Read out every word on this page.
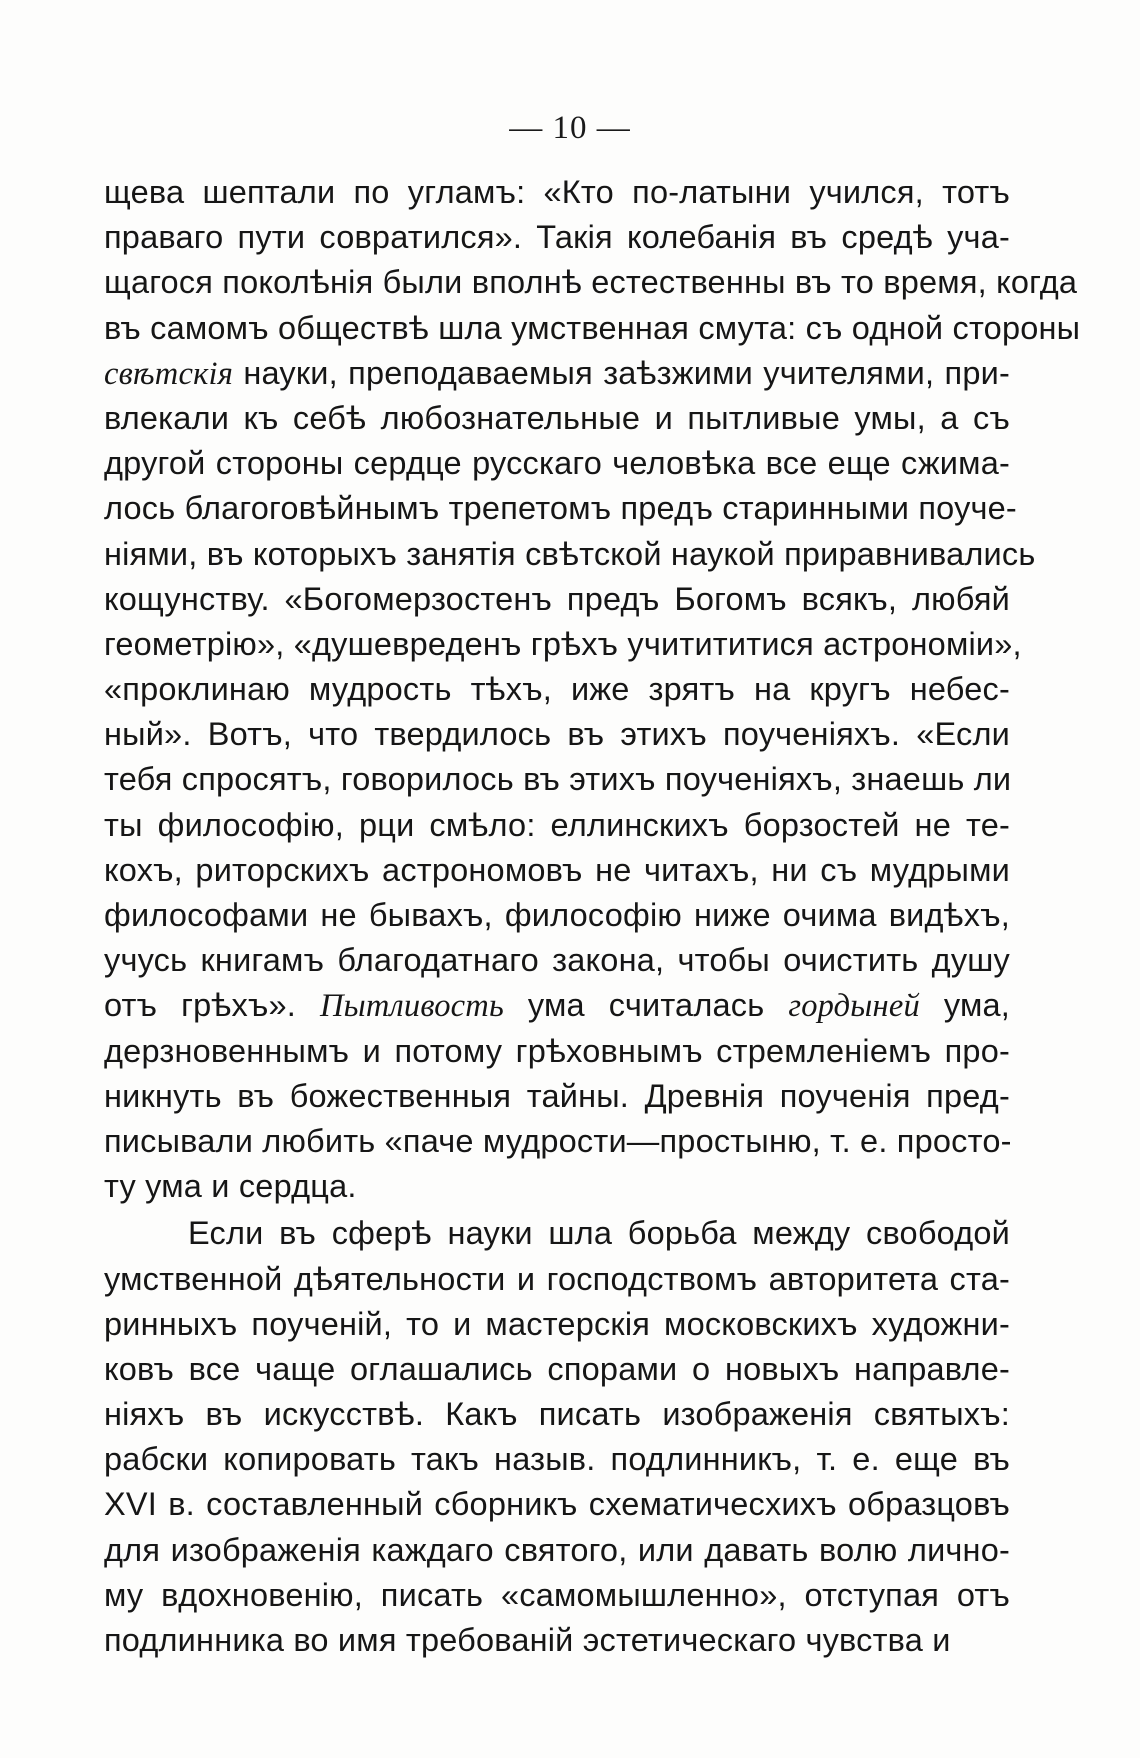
— 10 —
щева шептали по угламъ: «Кто по-латыни учился, тотъ
праваго пути совратился». Такія колебанія въ средѣ уча-
щагося поколѣнія были вполнѣ естественны въ то время, когда
въ самомъ обществѣ шла умственная смута: съ одной стороны
свѣтскія науки, преподаваемыя заѣзжими учителями, при-
влекали къ себѣ любознательные и пытливые умы, а съ
другой стороны сердце русскаго человѣка все еще сжима-
лось благоговѣйнымъ трепетомъ предъ старинными поуче-
ніями, въ которыхъ занятія свѣтской наукой приравнивались
кощунству. «Богомерзостенъ предъ Богомъ всякъ, любяй
геометрію», «душевреденъ грѣхъ учитититися астрономіи»,
«проклинаю мудрость тѣхъ, иже зрятъ на кругъ небес-
ный». Вотъ, что твердилось въ этихъ поученіяхъ. «Если
тебя спросятъ, говорилось въ этихъ поученіяхъ, знаешь ли
ты философію, рци смѣло: еллинскихъ борзостей не те-
кохъ, риторскихъ астрономовъ не читахъ, ни съ мудрыми
философами не бывахъ, философію ниже очима видѣхъ,
учусь книгамъ благодатнаго закона, чтобы очистить душу
отъ грѣхъ». Пытливость ума считалась гордыней ума,
дерзновеннымъ и потому грѣховнымъ стремленіемъ про-
никнуть въ божественныя тайны. Древнія поученія пред-
писывали любить «паче мудрости—простыню, т. е. просто-
ту ума и сердца.
Если въ сферѣ науки шла борьба между свободой
умственной дѣятельности и господствомъ авторитета ста-
ринныхъ поученій, то и мастерскія московскихъ художни-
ковъ все чаще оглашались спорами о новыхъ направле-
ніяхъ въ искусствѣ. Какъ писать изображенія святыхъ:
рабски копировать такъ назыв. подлинникъ, т. е. еще въ
XVI в. составленный сборникъ схематичесхихъ образцовъ
для изображенія каждаго святого, или давать волю лично-
му вдохновенію, писать «самомышленно», отступая отъ
подлинника во имя требованій эстетическаго чувства и
